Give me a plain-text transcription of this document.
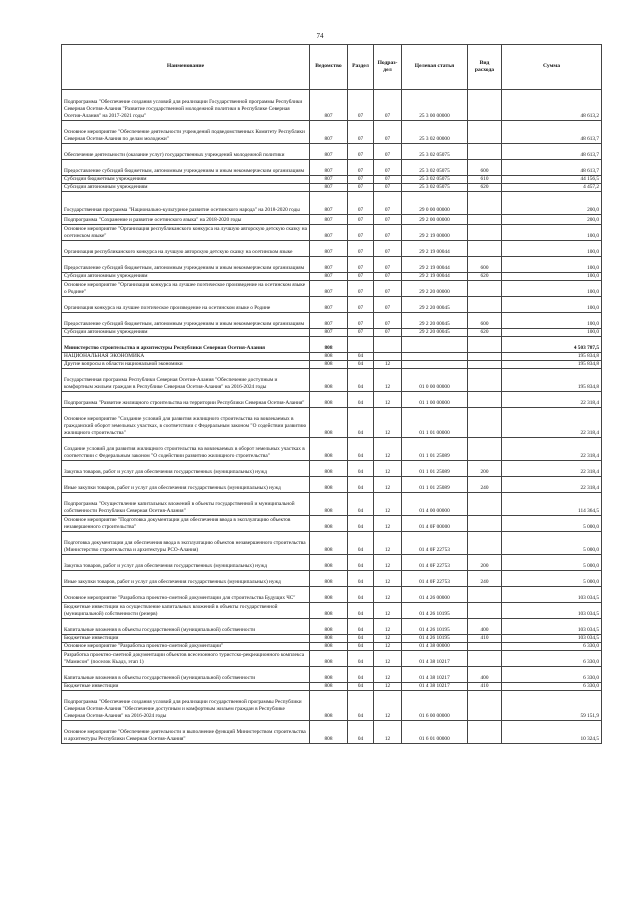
74
Наименование	Ведомство	Раздел	Подраз-дел	Целевая статья	Вид расхода	Сумма
Подпрограмма "Обеспечение создания условий для реализации Государственной программы Республики Северная Осетия-Алания "Развитие государственной молодежной политики в Республике Северная Осетия-Алания" на 2017-2021 годы"	807	07	07	25 3 00 00000		48 613,2
Основное мероприятие "Обеспечение деятельности учреждений подведомственных Комитету Республики Северная Осетия-Алания по делам молодежи"	807	07	07	25 3 02 00000		48 613,7
Обеспечение деятельности (оказание услуг) государственных учреждений молодежной политики	807	07	07	25 3 02 05075		48 613,7
Предоставление субсидий бюджетным, автономным учреждениям и иным некоммерческим организациям	807	07	07	25 3 02 05075	600	48 613,7
Субсидии бюджетным учреждениям	807	07	07	25 3 02 05075	610	44 156,5
Субсидии автономным учреждениям	807	07	07	25 3 02 05075	620	4 457,2
Государственная программа "Национально-культурное развитие осетинского народа" на 2018-2020 годы	807	07	07	29 0 00 00000		200,0
Подпрограмма "Сохранение и развитие осетинского языка" на 2018-2020 годы	807	07	07	29 2 00 00000		200,0
Основное мероприятие "Организация республиканского конкурса на лучшую авторскую детскую сказку на осетинском языке"	807	07	07	29 2 19 00000		100,0
Организация республиканского конкурса на лучшую авторскую детскую сказку на осетинском языке	807	07	07	29 2 19 00044		100,0
Предоставление субсидий бюджетным, автономным учреждениям и иным некоммерческим организациям	807	07	07	29 2 19 00044	600	100,0
Субсидии автономным учреждениям	807	07	07	29 2 19 00044	620	100,0
Основное мероприятие "Организация конкурса на лучшее поэтическое произведение на осетинском языке о Родине"	807	07	07	29 2 20 00000		100,0
Организация конкурса на лучшее поэтическое произведение на осетинском языке о Родине	807	07	07	29 2 20 00045		100,0
Предоставление субсидий бюджетным, автономным учреждениям и иным некоммерческим организациям	807	07	07	29 2 20 00045	600	100,0
Субсидии автономным учреждениям	807	07	07	29 2 20 00045	620	100,0
Министерство строительства и архитектуры Республики Северная Осетия-Алания	808					4 503 787,5
НАЦИОНАЛЬНАЯ ЭКОНОМИКА	808	04				195 834,8
Другие вопросы в области национальной экономики	808	04	12			195 834,8
Государственная программа Республики Северная Осетия-Алания "Обеспечение доступным и комфортным жильем граждан в Республике Северная Осетия-Алания" на 2016-2024 годы	808	04	12	01 0 00 00000		195 834,8
Подпрограмма "Развитие жилищного строительства на территории Республики Северная Осетия-Алания"	808	04	12	01 1 00 00000		22 318,4
Основное мероприятие "Создание условий для развития жилищного строительства на вовлекаемых в гражданский оборот земельных участках, в соответствии с Федеральным законом "О содействии развитию жилищного строительства"	808	04	12	01 1 01 00000		22 318,4
Создание условий для развития жилищного строительства на вовлекаемых в оборот земельных участках в соответствии с Федеральным законом "О содействии развитию жилищного строительства"	808	04	12	01 1 01 25089		22 318,4
Закупка товаров, работ и услуг для обеспечения государственных (муниципальных) нужд	808	04	12	01 1 01 25089	200	22 318,4
Иные закупки товаров, работ и услуг для обеспечения государственных (муниципальных) нужд	808	04	12	01 1 01 25089	240	22 318,4
Подпрограмма "Осуществление капитальных вложений в объекты государственной и муниципальной собственности Республики Северная Осетия-Алания"	808	04	12	01 4 00 00000		114 364,5
Основное мероприятие "Подготовка документации для обеспечения ввода в эксплуатацию объектов незавершенного строительства"	808	04	12	01 4 0F 00000		5 000,0
Подготовка документации для обеспечения ввода в эксплуатацию объектов незавершенного строительства (Министерство строительства и архитектуры РСО-Алания)	808	04	12	01 4 0F 22753		5 000,0
Закупка товаров, работ и услуг для обеспечения государственных (муниципальных) нужд	808	04	12	01 4 0F 22753	200	5 000,0
Иные закупки товаров, работ и услуг для обеспечения государственных (муниципальных) нужд	808	04	12	01 4 0F 22753	240	5 000,0
Основное мероприятие "Разработка проектно-сметной документации для строительства Будущих ЧС"	808	04	12	01 4 26 00000		103 034,5
Бюджетные инвестиции на осуществление капитальных вложений в объекты государственной (муниципальной) собственности (резерв)	808	04	12	01 4 26 10195		103 034,5
Капитальные вложения в объекты государственной (муниципальной) собственности	808	04	12	01 4 26 10195	400	103 034,5
Бюджетные инвестиции	808	04	12	01 4 26 10195	410	103 034,5
Основное мероприятие "Разработка проектно-сметной документации"	808	04	12	01 4 38 00000		6 330,0
Разработка проектно-сметной документации объектов всесезонного туристско-рекреационного комплекса "Мамисон" (поселок Къадз, этап 1)	808	04	12	01 4 38 10217		6 330,0
Капитальные вложения в объекты государственной (муниципальной) собственности	808	04	12	01 4 38 10217	400	6 330,0
Бюджетные инвестиции	808	04	12	01 4 38 10217	410	6 330,0
Подпрограмма "Обеспечение создания условий для реализации государственной программы Республики Северная Осетия-Алания "Обеспечение доступным и комфортным жильем граждан в Республике Северная Осетия-Алания" на 2016-2024 годы	808	04	12	01 6 00 00000		59 151,9
Основное мероприятие "Обеспечение деятельности и выполнение функций Министерством строительства и архитектуры Республики Северная Осетия-Алания"	808	04	12	01 6 01 00000		10 324,5
